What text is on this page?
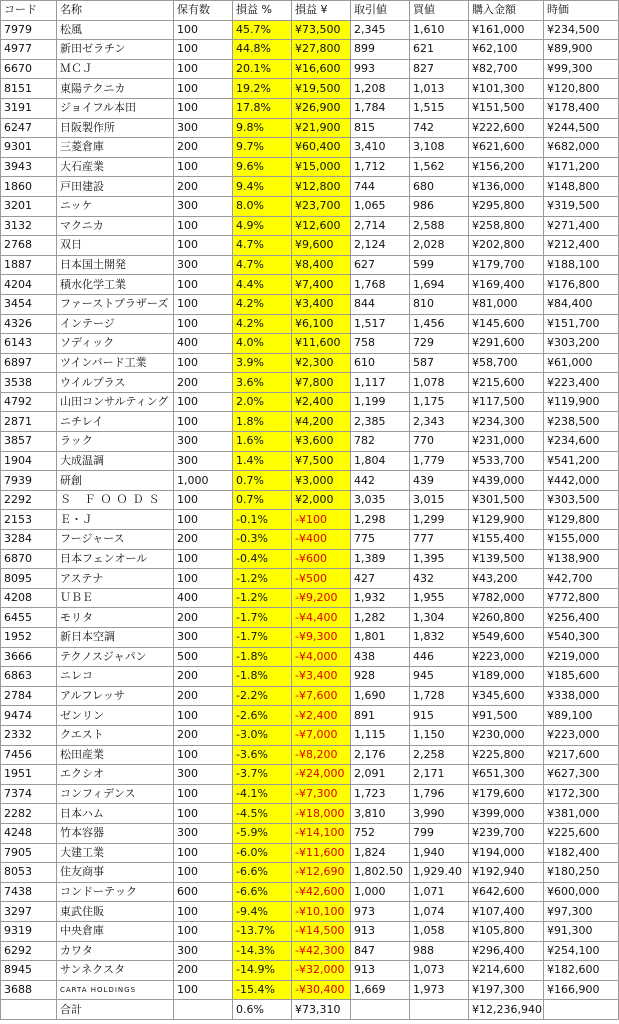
コード	名称	保有数	損益 %	損益 ¥	取引値	買値	購入金額	時価
7979	松風	100	45.7%	¥73,500	2,345	1,610	¥161,000	¥234,500
4977	新田ゼラチン	100	44.8%	¥27,800	899	621	¥62,100	¥89,900
6670	ＭＣＪ	100	20.1%	¥16,600	993	827	¥82,700	¥99,300
8151	東陽テクニカ	100	19.2%	¥19,500	1,208	1,013	¥101,300	¥120,800
3191	ジョイフル本田	100	17.8%	¥26,900	1,784	1,515	¥151,500	¥178,400
6247	日阪製作所	300	9.8%	¥21,900	815	742	¥222,600	¥244,500
9301	三菱倉庫	200	9.7%	¥60,400	3,410	3,108	¥621,600	¥682,000
3943	大石産業	100	9.6%	¥15,000	1,712	1,562	¥156,200	¥171,200
1860	戸田建設	200	9.4%	¥12,800	744	680	¥136,000	¥148,800
3201	ニッケ	300	8.0%	¥23,700	1,065	986	¥295,800	¥319,500
3132	マクニカ	100	4.9%	¥12,600	2,714	2,588	¥258,800	¥271,400
2768	双日	100	4.7%	¥9,600	2,124	2,028	¥202,800	¥212,400
1887	日本国土開発	300	4.7%	¥8,400	627	599	¥179,700	¥188,100
4204	積水化学工業	100	4.4%	¥7,400	1,768	1,694	¥169,400	¥176,800
3454	ファーストブラザーズ	100	4.2%	¥3,400	844	810	¥81,000	¥84,400
4326	インテージ	100	4.2%	¥6,100	1,517	1,456	¥145,600	¥151,700
6143	ソディック	400	4.0%	¥11,600	758	729	¥291,600	¥303,200
6897	ツインバード工業	100	3.9%	¥2,300	610	587	¥58,700	¥61,000
3538	ウイルプラス	200	3.6%	¥7,800	1,117	1,078	¥215,600	¥223,400
4792	山田コンサルティング	100	2.0%	¥2,400	1,199	1,175	¥117,500	¥119,900
2871	ニチレイ	100	1.8%	¥4,200	2,385	2,343	¥234,300	¥238,500
3857	ラック	300	1.6%	¥3,600	782	770	¥231,000	¥234,600
1904	大成温調	300	1.4%	¥7,500	1,804	1,779	¥533,700	¥541,200
7939	研創	1,000	0.7%	¥3,000	442	439	¥439,000	¥442,000
2292	Ｓ ＦＯＯＤＳ	100	0.7%	¥2,000	3,035	3,015	¥301,500	¥303,500
2153	Ｅ・Ｊ	100	-0.1%	-¥100	1,298	1,299	¥129,900	¥129,800
3284	フージャース	200	-0.3%	-¥400	775	777	¥155,400	¥155,000
6870	日本フェンオール	100	-0.4%	-¥600	1,389	1,395	¥139,500	¥138,900
8095	アステナ	100	-1.2%	-¥500	427	432	¥43,200	¥42,700
4208	ＵＢＥ	400	-1.2%	-¥9,200	1,932	1,955	¥782,000	¥772,800
6455	モリタ	200	-1.7%	-¥4,400	1,282	1,304	¥260,800	¥256,400
1952	新日本空調	300	-1.7%	-¥9,300	1,801	1,832	¥549,600	¥540,300
3666	テクノスジャパン	500	-1.8%	-¥4,000	438	446	¥223,000	¥219,000
6863	ニレコ	200	-1.8%	-¥3,400	928	945	¥189,000	¥185,600
2784	アルフレッサ	200	-2.2%	-¥7,600	1,690	1,728	¥345,600	¥338,000
9474	ゼンリン	100	-2.6%	-¥2,400	891	915	¥91,500	¥89,100
2332	クエスト	200	-3.0%	-¥7,000	1,115	1,150	¥230,000	¥223,000
7456	松田産業	100	-3.6%	-¥8,200	2,176	2,258	¥225,800	¥217,600
1951	エクシオ	300	-3.7%	-¥24,000	2,091	2,171	¥651,300	¥627,300
7374	コンフィデンス	100	-4.1%	-¥7,300	1,723	1,796	¥179,600	¥172,300
2282	日本ハム	100	-4.5%	-¥18,000	3,810	3,990	¥399,000	¥381,000
4248	竹本容器	300	-5.9%	-¥14,100	752	799	¥239,700	¥225,600
7905	大建工業	100	-6.0%	-¥11,600	1,824	1,940	¥194,000	¥182,400
8053	住友商事	100	-6.6%	-¥12,690	1,802.50	1,929.40	¥192,940	¥180,250
7438	コンドーテック	600	-6.6%	-¥42,600	1,000	1,071	¥642,600	¥600,000
3297	東武住販	100	-9.4%	-¥10,100	973	1,074	¥107,400	¥97,300
9319	中央倉庫	100	-13.7%	-¥14,500	913	1,058	¥105,800	¥91,300
6292	カワタ	300	-14.3%	-¥42,300	847	988	¥296,400	¥254,100
8945	サンネクスタ	200	-14.9%	-¥32,000	913	1,073	¥214,600	¥182,600
3688	CARTA HOLDINGS	100	-15.4%	-¥30,400	1,669	1,973	¥197,300	¥166,900
	合計		0.6%	¥73,310			¥12,236,940	
